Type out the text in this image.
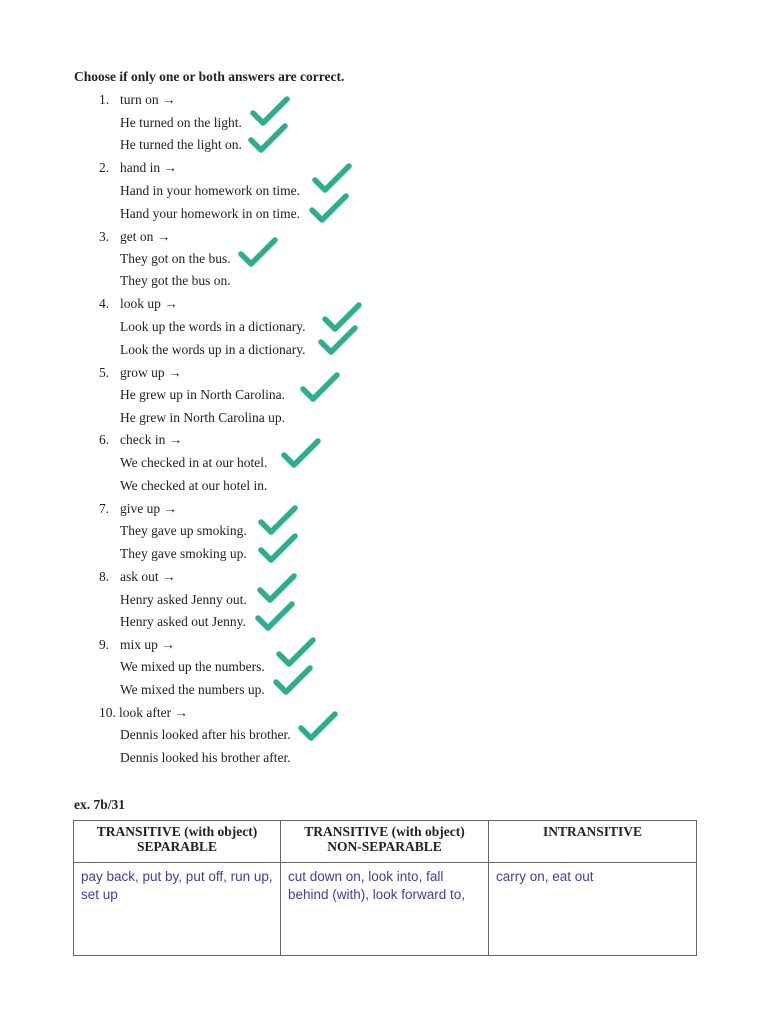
Choose if only one or both answers are correct.
1. turn on →
He turned on the light.
He turned the light on.
2. hand in →
Hand in your homework on time.
Hand your homework in on time.
3. get on →
They got on the bus.
They got the bus on.
4. look up →
Look up the words in a dictionary.
Look the words up in a dictionary.
5. grow up →
He grew up in North Carolina.
He grew in North Carolina up.
6. check in →
We checked in at our hotel.
We checked at our hotel in.
7. give up →
They gave up smoking.
They gave smoking up.
8. ask out →
Henry asked Jenny out.
Henry asked out Jenny.
9. mix up →
We mixed up the numbers.
We mixed the numbers up.
10. look after →
Dennis looked after his brother.
Dennis looked his brother after.
ex. 7b/31
TRANSITIVE (with object) SEPARABLE	TRANSITIVE (with object) NON-SEPARABLE	INTRANSITIVE
pay back, put by, put off, run up, set up	cut down on, look into, fall behind (with), look forward to,	carry on, eat out
